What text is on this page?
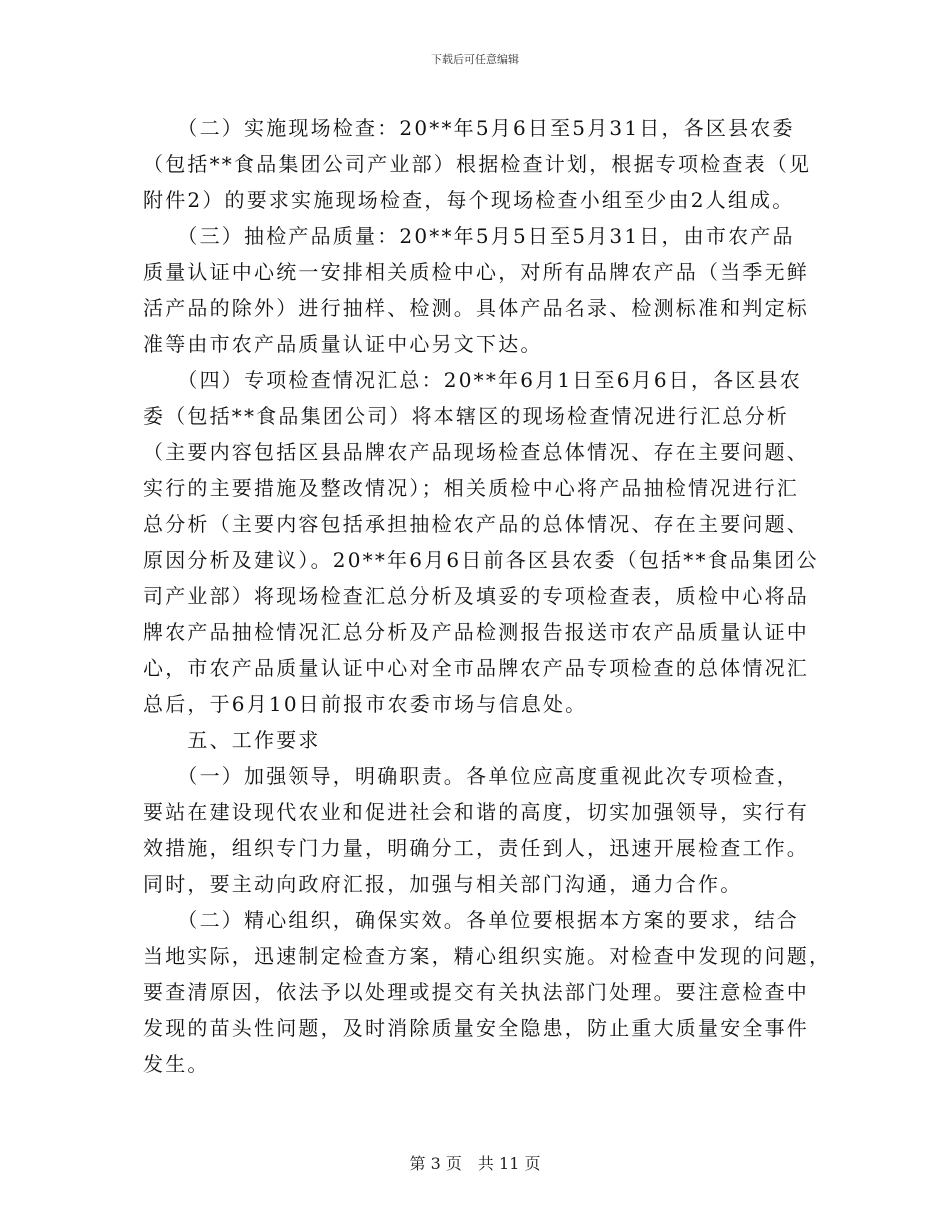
下载后可任意编辑
　　（二）实施现场检查：20**年5月6日至5月31日，各区县农委
（包括**食品集团公司产业部）根据检查计划，根据专项检查表（见
附件2）的要求实施现场检查，每个现场检查小组至少由2人组成。
　　（三）抽检产品质量：20**年5月5日至5月31日，由市农产品
质量认证中心统一安排相关质检中心，对所有品牌农产品（当季无鲜
活产品的除外）进行抽样、检测。具体产品名录、检测标准和判定标
准等由市农产品质量认证中心另文下达。
　　（四）专项检查情况汇总：20**年6月1日至6月6日，各区县农
委（包括**食品集团公司）将本辖区的现场检查情况进行汇总分析
（主要内容包括区县品牌农产品现场检查总体情况、存在主要问题、
实行的主要措施及整改情况）；相关质检中心将产品抽检情况进行汇
总分析（主要内容包括承担抽检农产品的总体情况、存在主要问题、
原因分析及建议）。20**年6月6日前各区县农委（包括**食品集团公
司产业部）将现场检查汇总分析及填妥的专项检查表，质检中心将品
牌农产品抽检情况汇总分析及产品检测报告报送市农产品质量认证中
心，市农产品质量认证中心对全市品牌农产品专项检查的总体情况汇
总后，于6月10日前报市农委市场与信息处。
　　五、工作要求
　　（一）加强领导，明确职责。各单位应高度重视此次专项检查，
要站在建设现代农业和促进社会和谐的高度，切实加强领导，实行有
效措施，组织专门力量，明确分工，责任到人，迅速开展检查工作。
同时，要主动向政府汇报，加强与相关部门沟通，通力合作。
　　（二）精心组织，确保实效。各单位要根据本方案的要求，结合
当地实际，迅速制定检查方案，精心组织实施。对检查中发现的问题，
要查清原因，依法予以处理或提交有关执法部门处理。要注意检查中
发现的苗头性问题，及时消除质量安全隐患，防止重大质量安全事件
发生。
第 3 页　共 11 页
